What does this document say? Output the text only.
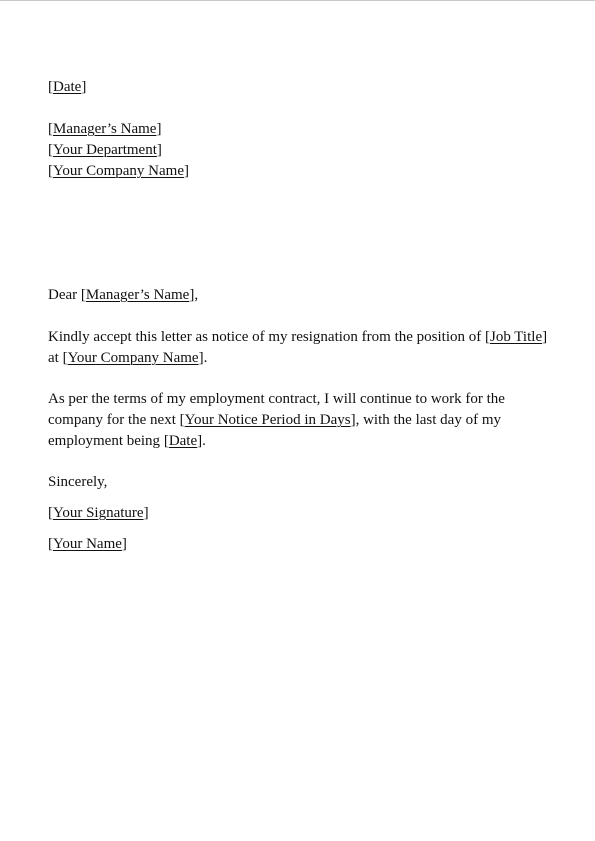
[Date]
[Manager’s Name]
[Your Department]
[Your Company Name]
Dear [Manager’s Name],
Kindly accept this letter as notice of my resignation from the position of [Job Title]
at [Your Company Name].
As per the terms of my employment contract, I will continue to work for the
company for the next [Your Notice Period in Days], with the last day of my
employment being [Date].
Sincerely,
[Your Signature]
[Your Name]
